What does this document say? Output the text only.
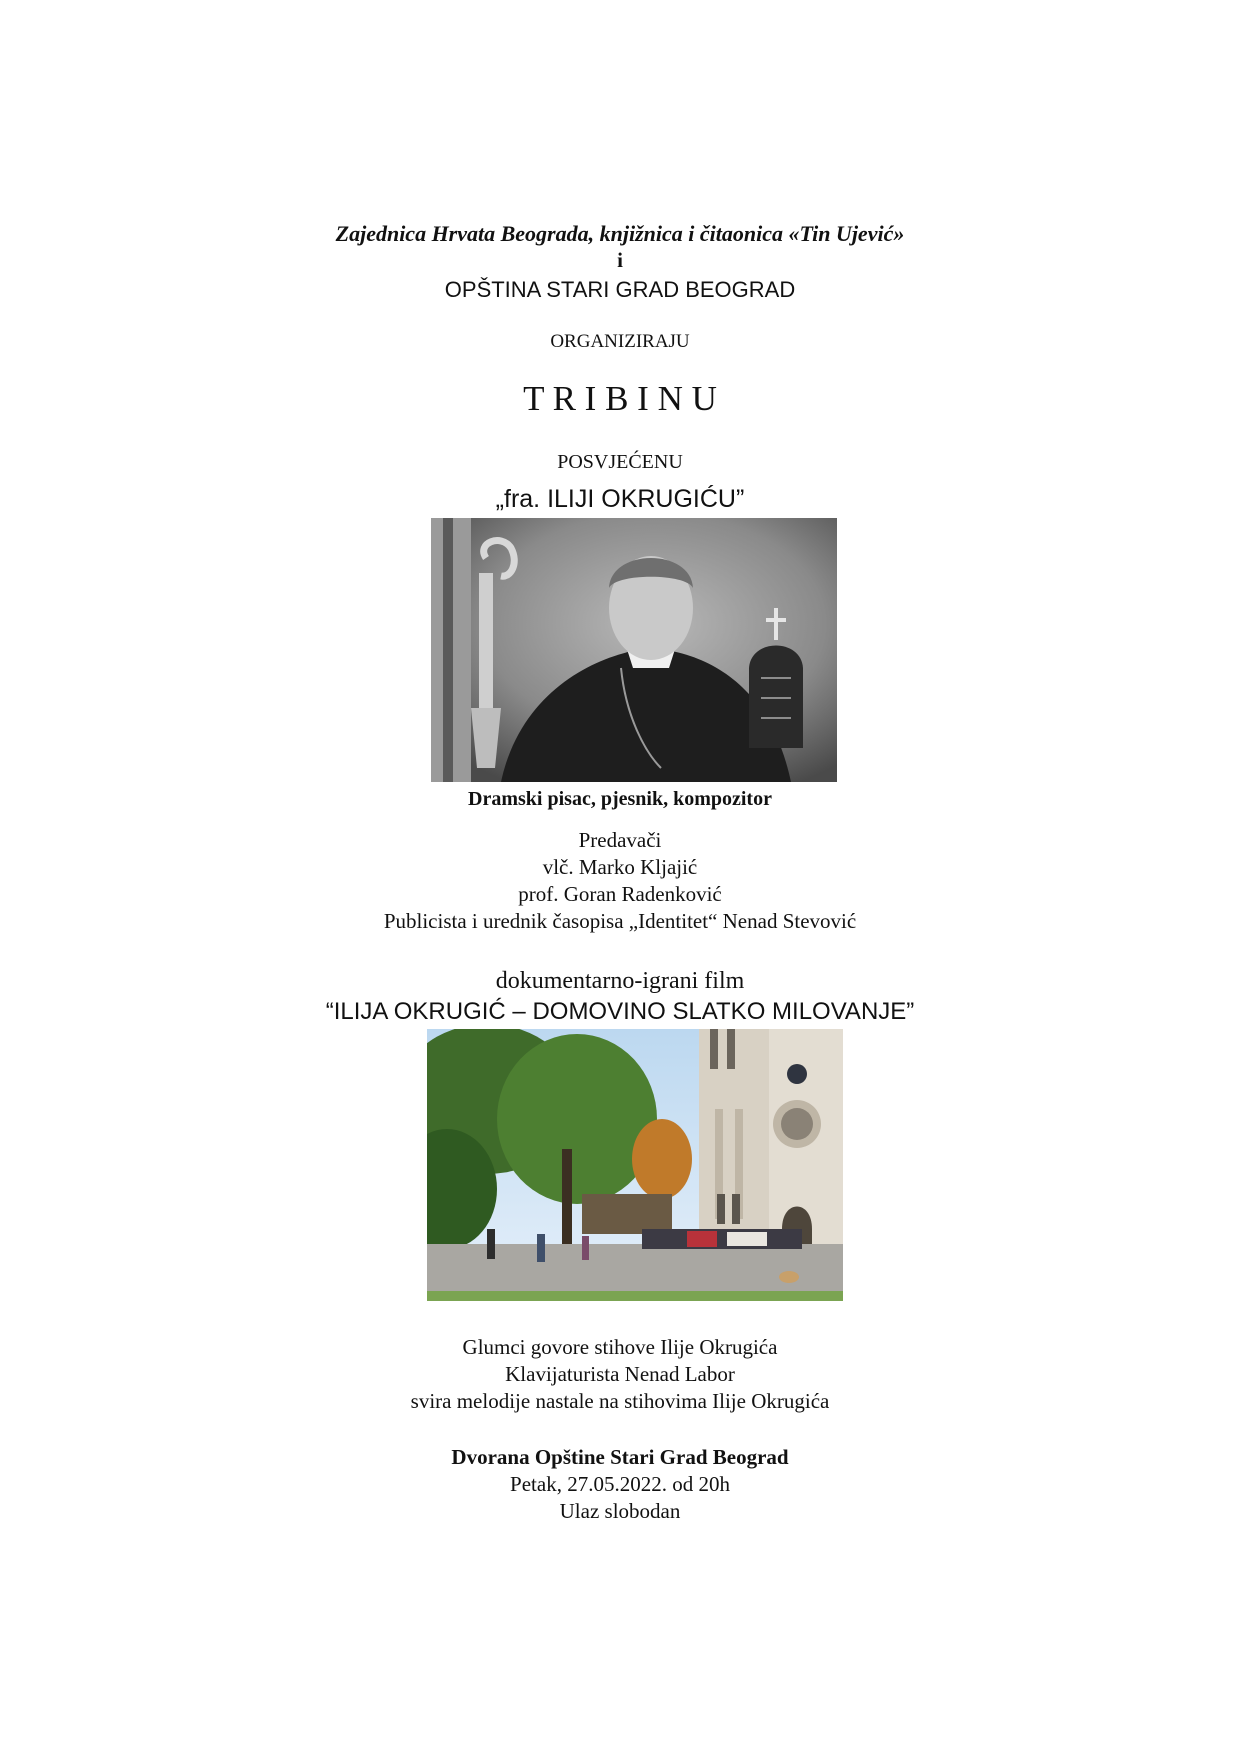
Zajednica Hrvata Beograda, knjižnica i čitaonica «Tin Ujević»
i
OPŠTINA STARI GRAD BEOGRAD
ORGANIZIRAJU
T R I B I N U
POSVJEĆENU
„fra. ILIJI OKRUGIĆU”
Dramski pisac, pjesnik, kompozitor
Predavači
vlč. Marko Kljajić
prof. Goran Radenković
Publicista i urednik časopisa „Identitet“ Nenad Stevović
dokumentarno-igrani film
“ILIJA OKRUGIĆ – DOMOVINO SLATKO MILOVANJE”
Glumci govore stihove Ilije Okrugića
Klavijaturista Nenad Labor
svira melodije nastale na stihovima Ilije Okrugića
Dvorana Opštine Stari Grad Beograd
Petak, 27.05.2022. od 20h
Ulaz slobodan
